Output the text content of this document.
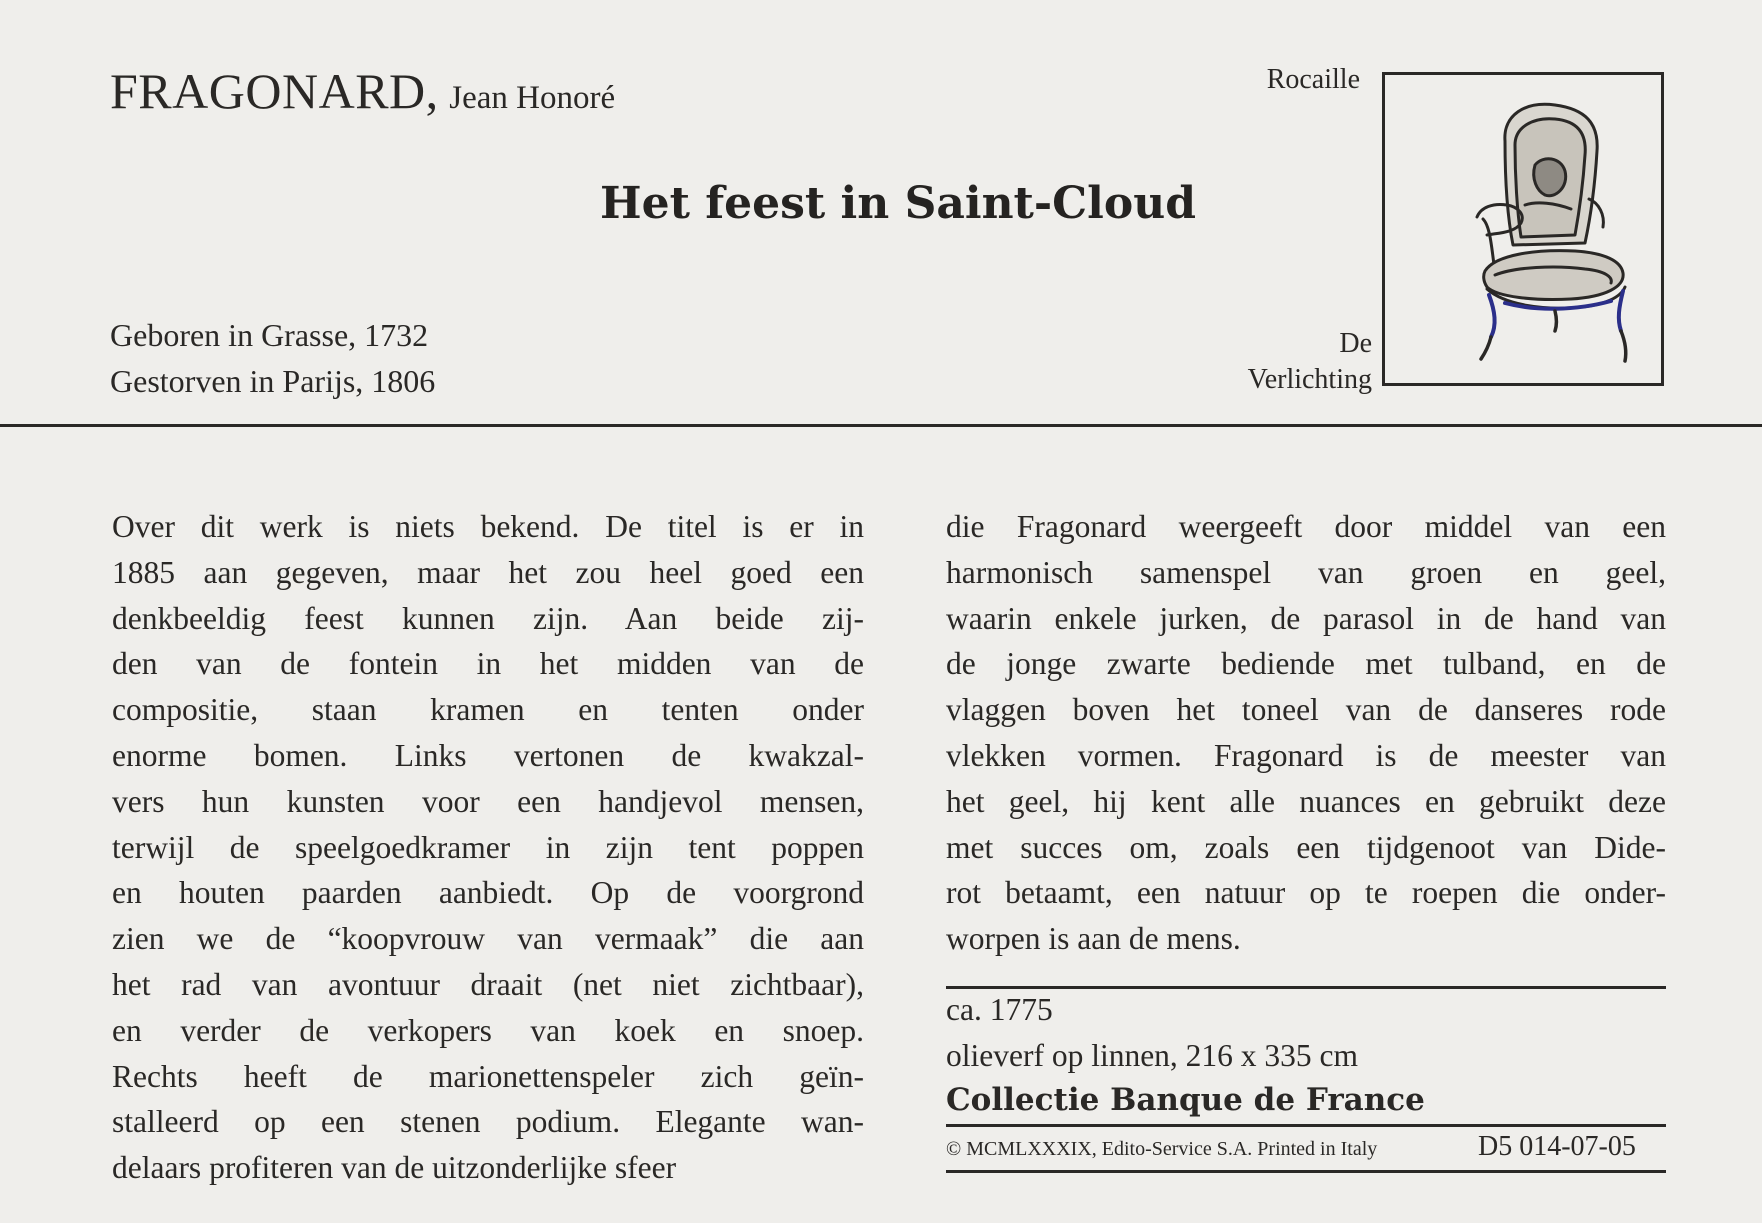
FRAGONARD, Jean Honoré
Het feest in Saint-Cloud
Geboren in Grasse, 1732
Gestorven in Parijs, 1806
Rocaille
De
Verlichting
Over dit werk is niets bekend. De titel is er in
1885 aan gegeven, maar het zou heel goed een
denkbeeldig feest kunnen zijn. Aan beide zij-
den van de fontein in het midden van de
compositie, staan kramen en tenten onder
enorme bomen. Links vertonen de kwakzal-
vers hun kunsten voor een handjevol mensen,
terwijl de speelgoedkramer in zijn tent poppen
en houten paarden aanbiedt. Op de voorgrond
zien we de “koopvrouw van vermaak” die aan
het rad van avontuur draait (net niet zichtbaar),
en verder de verkopers van koek en snoep.
Rechts heeft de marionettenspeler zich geïn-
stalleerd op een stenen podium. Elegante wan-
delaars profiteren van de uitzonderlijke sfeer
die Fragonard weergeeft door middel van een
harmonisch samenspel van groen en geel,
waarin enkele jurken, de parasol in de hand van
de jonge zwarte bediende met tulband, en de
vlaggen boven het toneel van de danseres rode
vlekken vormen. Fragonard is de meester van
het geel, hij kent alle nuances en gebruikt deze
met succes om, zoals een tijdgenoot van Dide-
rot betaamt, een natuur op te roepen die onder-
worpen is aan de mens.
ca. 1775
olieverf op linnen, 216 x 335 cm
Collectie Banque de France
© MCMLXXXIX, Edito-Service S.A. Printed in Italy	D5 014-07-05
